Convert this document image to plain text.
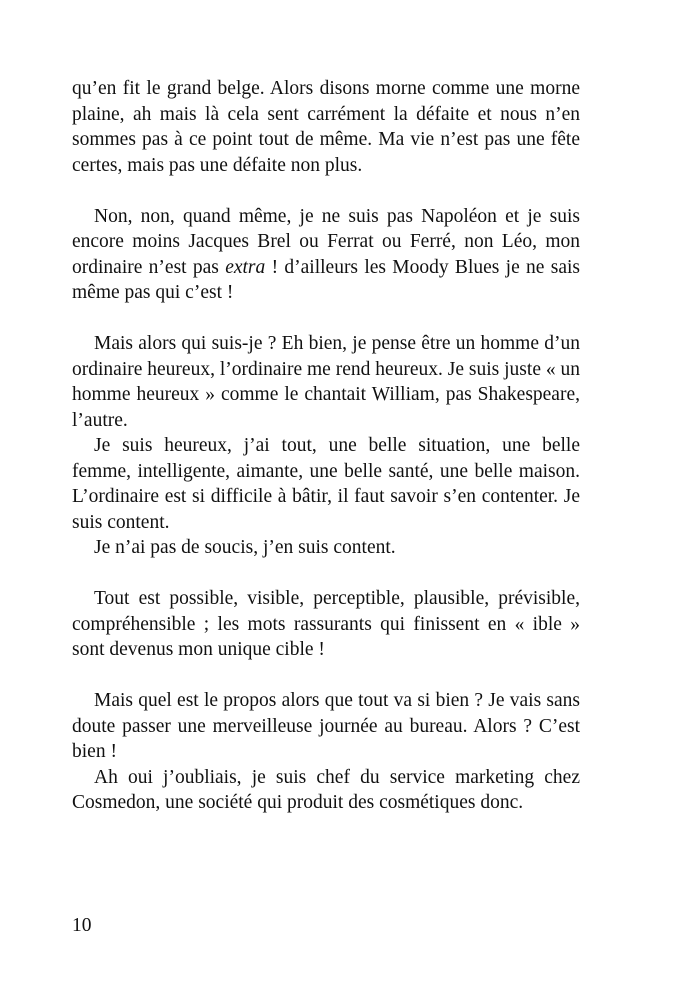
qu’en fit le grand belge. Alors disons morne comme une morne plaine, ah mais là cela sent carrément la défaite et nous n’en sommes pas à ce point tout de même. Ma vie n’est pas une fête certes, mais pas une défaite non plus.

Non, non, quand même, je ne suis pas Napoléon et je suis encore moins Jacques Brel ou Ferrat ou Ferré, non Léo, mon ordinaire n’est pas extra ! d’ailleurs les Moody Blues je ne sais même pas qui c’est !

Mais alors qui suis-je ? Eh bien, je pense être un homme d’un ordinaire heureux, l’ordinaire me rend heureux. Je suis juste « un homme heureux » comme le chantait William, pas Shakespeare, l’autre.

Je suis heureux, j’ai tout, une belle situation, une belle femme, intelligente, aimante, une belle santé, une belle maison. L’ordinaire est si difficile à bâtir, il faut savoir s’en contenter. Je suis content.

Je n’ai pas de soucis, j’en suis content.

Tout est possible, visible, perceptible, plausible, prévisible, compréhensible ; les mots rassurants qui finissent en « ible » sont devenus mon unique cible !

Mais quel est le propos alors que tout va si bien ? Je vais sans doute passer une merveilleuse journée au bureau. Alors ? C’est bien !

Ah oui j’oubliais, je suis chef du service marketing chez Cosmedon, une société qui produit des cosmétiques donc.

10
